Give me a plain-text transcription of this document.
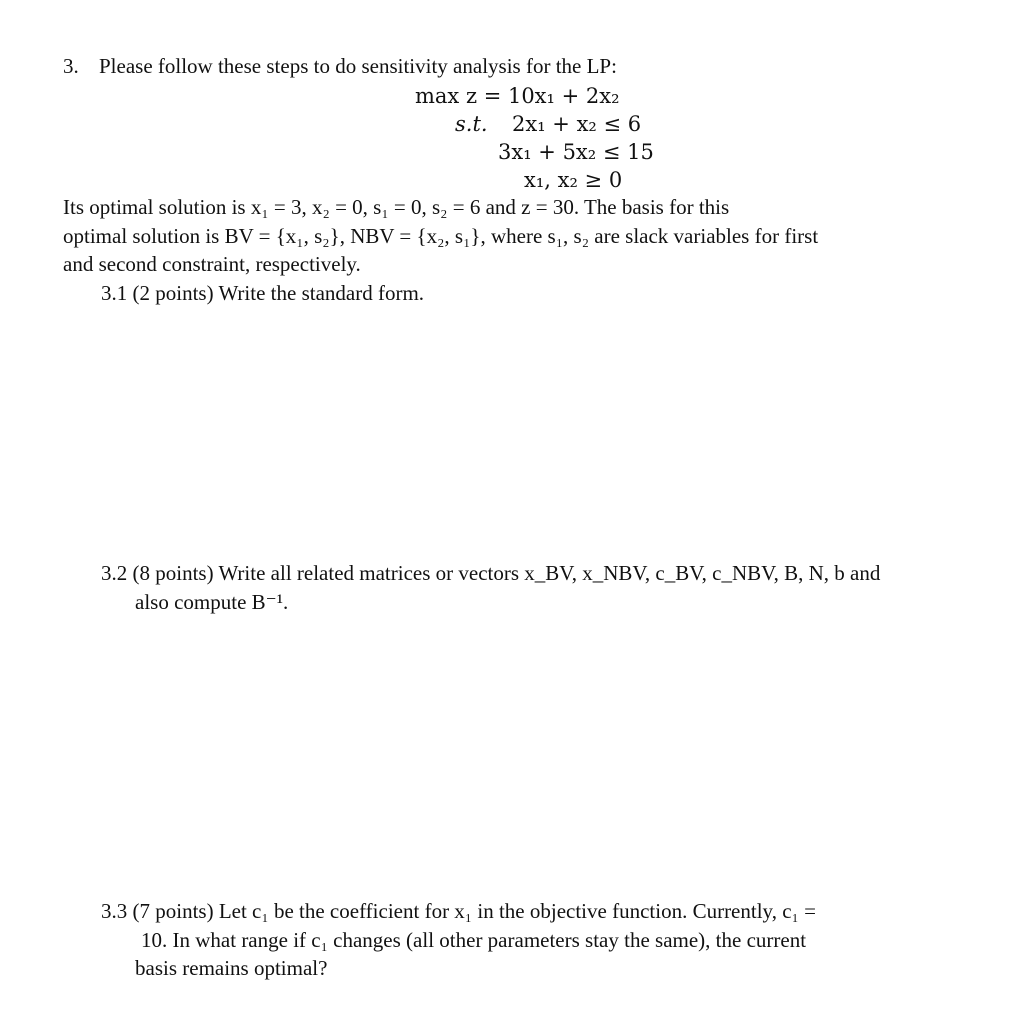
3. Please follow these steps to do sensitivity analysis for the LP:
max z = 10x₁ + 2x₂
s.t. 2x₁ + x₂ ≤ 6
3x₁ + 5x₂ ≤ 15
x₁, x₂ ≥ 0
Its optimal solution is x₁ = 3, x₂ = 0, s₁ = 0, s₂ = 6 and z = 30. The basis for this
optimal solution is BV = {x₁, s₂}, NBV = {x₂, s₁}, where s₁, s₂ are slack variables for first
and second constraint, respectively.
3.1 (2 points) Write the standard form.
3.2 (8 points) Write all related matrices or vectors x_BV, x_NBV, c_BV, c_NBV, B, N, b and
also compute B⁻¹.
3.3 (7 points) Let c₁ be the coefficient for x₁ in the objective function. Currently, c₁ =
10. In what range if c₁ changes (all other parameters stay the same), the current
basis remains optimal?
